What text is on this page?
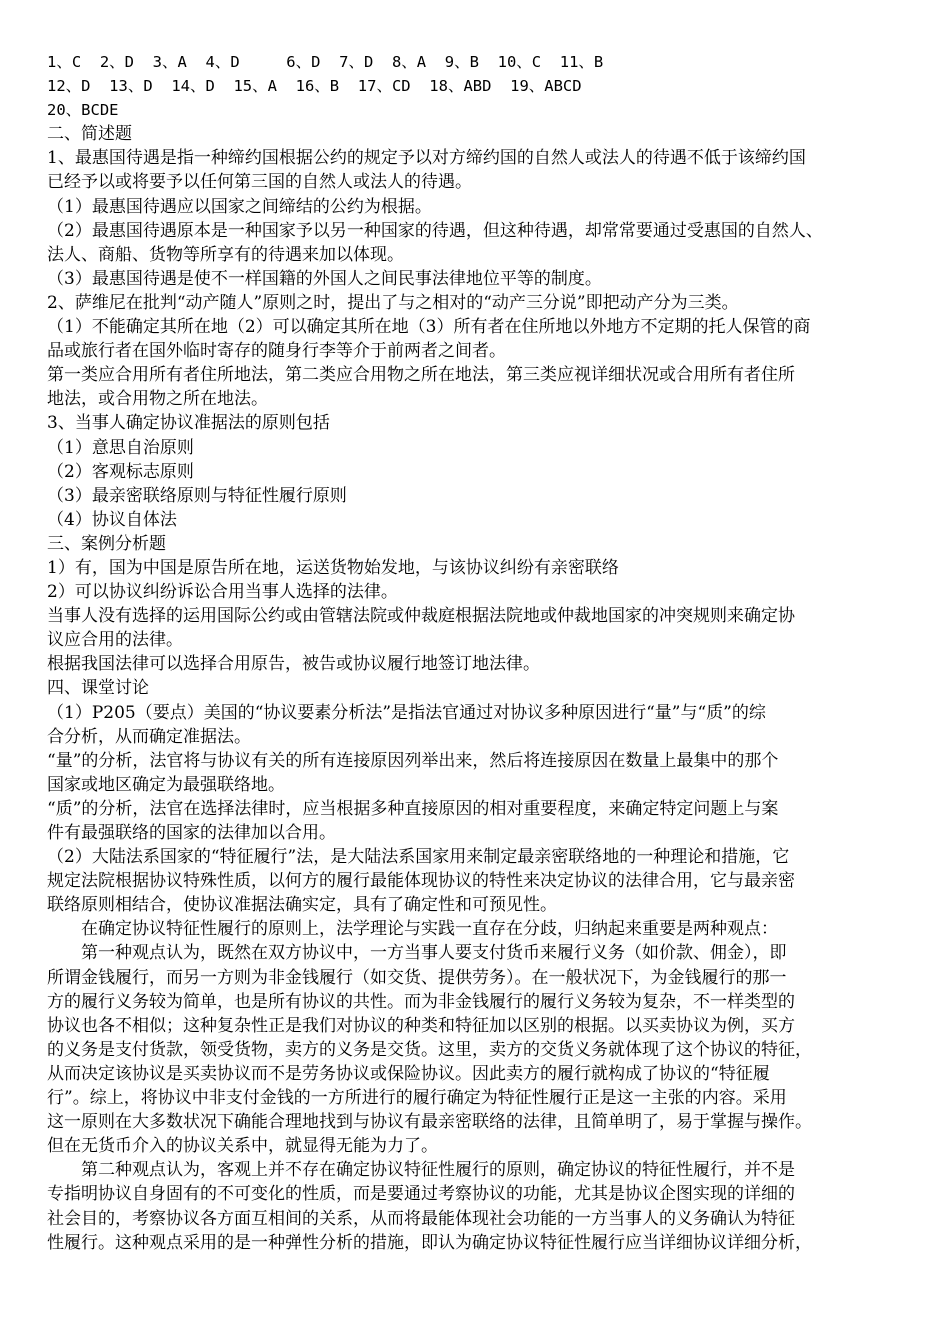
1、C  2、D  3、A  4、D     6、D  7、D  8、A  9、B  10、C  11、B
12、D  13、D  14、D  15、A  16、B  17、CD  18、ABD  19、ABCD
20、BCDE
二、简述题
1、最惠国待遇是指一种缔约国根据公约的规定予以对方缔约国的自然人或法人的待遇不低于该缔约国
已经予以或将要予以任何第三国的自然人或法人的待遇。
（1）最惠国待遇应以国家之间缔结的公约为根据。
（2）最惠国待遇原本是一种国家予以另一种国家的待遇，但这种待遇，却常常要通过受惠国的自然人、
法人、商船、货物等所享有的待遇来加以体现。
（3）最惠国待遇是使不一样国籍的外国人之间民事法律地位平等的制度。
2、萨维尼在批判“动产随人”原则之时，提出了与之相对的“动产三分说”即把动产分为三类。
（1）不能确定其所在地（2）可以确定其所在地（3）所有者在住所地以外地方不定期的托人保管的商
品或旅行者在国外临时寄存的随身行李等介于前两者之间者。
第一类应合用所有者住所地法，第二类应合用物之所在地法，第三类应视详细状况或合用所有者住所
地法，或合用物之所在地法。
3、当事人确定协议准据法的原则包括
（1）意思自治原则
（2）客观标志原则
（3）最亲密联络原则与特征性履行原则
（4）协议自体法
三、案例分析题
1）有，国为中国是原告所在地，运送货物始发地，与该协议纠纷有亲密联络
2）可以协议纠纷诉讼合用当事人选择的法律。
当事人没有选择的运用国际公约或由管辖法院或仲裁庭根据法院地或仲裁地国家的冲突规则来确定协
议应合用的法律。
根据我国法律可以选择合用原告，被告或协议履行地签订地法律。
四、课堂讨论
（1）P205（要点）美国的“协议要素分析法”是指法官通过对协议多种原因进行“量”与“质”的综
合分析，从而确定准据法。
“量”的分析，法官将与协议有关的所有连接原因列举出来，然后将连接原因在数量上最集中的那个
国家或地区确定为最强联络地。
“质”的分析，法官在选择法律时，应当根据多种直接原因的相对重要程度，来确定特定问题上与案
件有最强联络的国家的法律加以合用。
（2）大陆法系国家的“特征履行”法，是大陆法系国家用来制定最亲密联络地的一种理论和措施，它
规定法院根据协议特殊性质，以何方的履行最能体现协议的特性来决定协议的法律合用，它与最亲密
联络原则相结合，使协议准据法确实定，具有了确定性和可预见性。
在确定协议特征性履行的原则上，法学理论与实践一直存在分歧，归纳起来重要是两种观点：
第一种观点认为，既然在双方协议中，一方当事人要支付货币来履行义务（如价款、佣金），即
所谓金钱履行，而另一方则为非金钱履行（如交货、提供劳务）。在一般状况下，为金钱履行的那一
方的履行义务较为简单，也是所有协议的共性。而为非金钱履行的履行义务较为复杂，不一样类型的
协议也各不相似；这种复杂性正是我们对协议的种类和特征加以区别的根据。以买卖协议为例，买方
的义务是支付货款，领受货物，卖方的义务是交货。这里，卖方的交货义务就体现了这个协议的特征，
从而决定该协议是买卖协议而不是劳务协议或保险协议。因此卖方的履行就构成了协议的“特征履
行”。综上，将协议中非支付金钱的一方所进行的履行确定为特征性履行正是这一主张的内容。采用
这一原则在大多数状况下确能合理地找到与协议有最亲密联络的法律，且简单明了，易于掌握与操作。
但在无货币介入的协议关系中，就显得无能为力了。
第二种观点认为，客观上并不存在确定协议特征性履行的原则，确定协议的特征性履行，并不是
专指明协议自身固有的不可变化的性质，而是要通过考察协议的功能，尤其是协议企图实现的详细的
社会目的，考察协议各方面互相间的关系，从而将最能体现社会功能的一方当事人的义务确认为特征
性履行。这种观点采用的是一种弹性分析的措施，即认为确定协议特征性履行应当详细协议详细分析，
